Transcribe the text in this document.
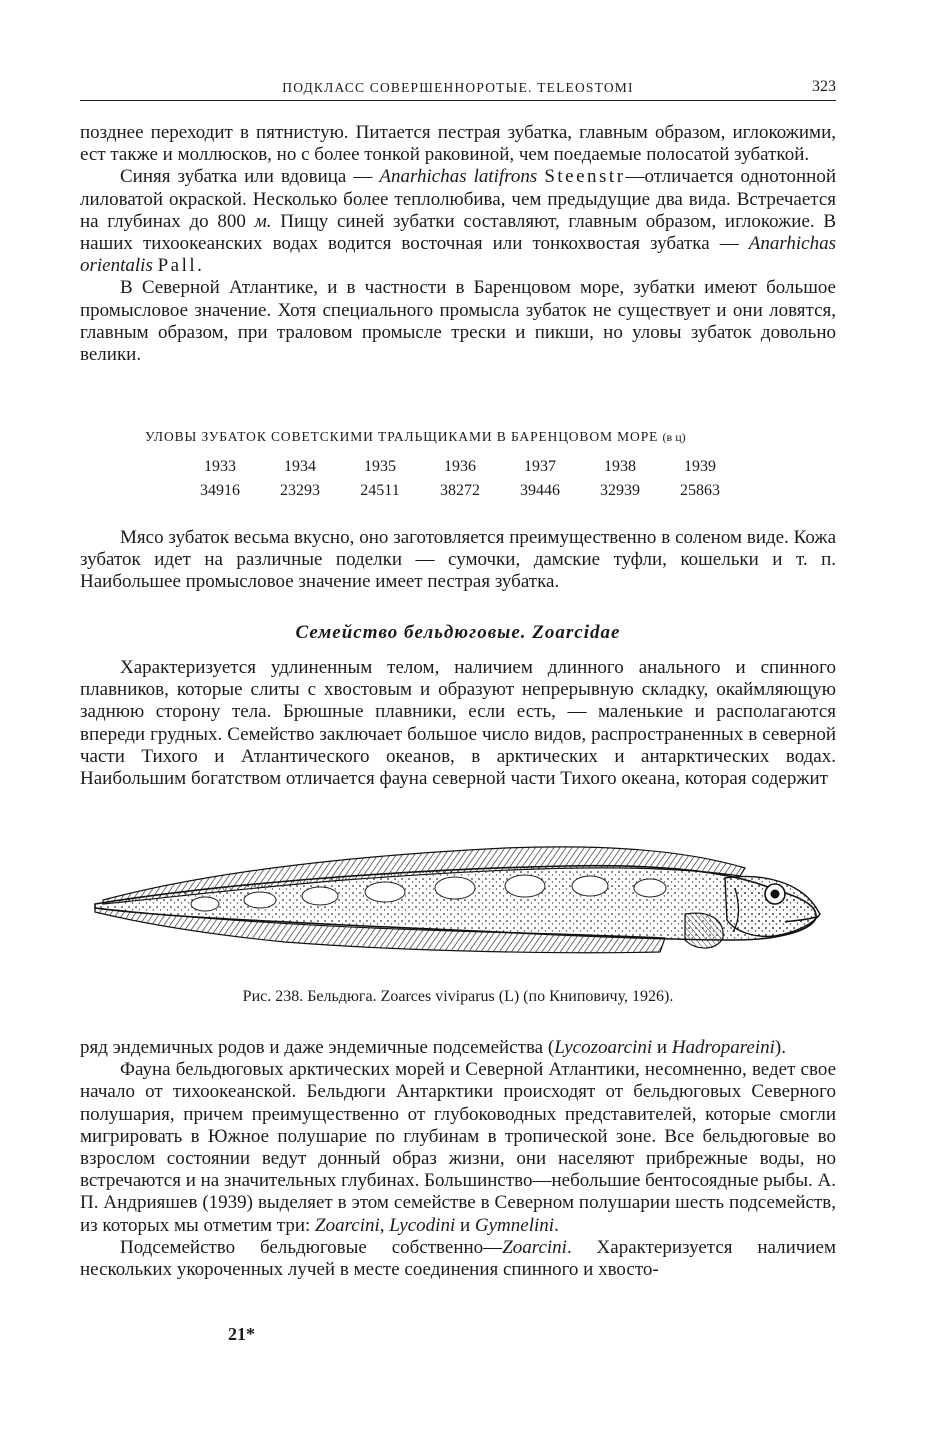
ПОДКЛАСС СОВЕРШЕННОРОТЫЕ. TELEOSTOMI	323

позднее переходит в пятнистую. Питается пестрая зубатка, главным образом, иглокожими, ест также и моллюсков, но с более тонкой раковиной, чем поедаемые полосатой зубаткой.

Синяя зубатка или вдовица — Anarhichas latifrons Steenstr—отличается однотонной лиловатой окраской. Несколько более теплолюбива, чем предыдущие два вида. Встречается на глубинах до 800 м. Пищу синей зубатки составляют, главным образом, иглокожие. В наших тихоокеанских водах водится восточная или тонкохвостая зубатка — Anarhichas orientalis Pall.

В Северной Атлантике, и в частности в Баренцовом море, зубатки имеют большое промысловое значение. Хотя специального промысла зубаток не существует и они ловятся, главным образом, при траловом промысле трески и пикши, но уловы зубаток довольно велики.

УЛОВЫ ЗУБАТОК СОВЕТСКИМИ ТРАЛЬЩИКАМИ В БАРЕНЦОВОМ МОРЕ (в ц)
1933	1934	1935	1936	1937	1938	1939
34916	23293	24511	38272	39446	32939	25863

Мясо зубаток весьма вкусно, оно заготовляется преимущественно в соленом виде. Кожа зубаток идет на различные поделки — сумочки, дамские туфли, кошельки и т. п. Наибольшее промысловое значение имеет пестрая зубатка.

Семейство бельдюговые. Zoarcidae

Характеризуется удлиненным телом, наличием длинного анального и спинного плавников, которые слиты с хвостовым и образуют непрерывную складку, окаймляющую заднюю сторону тела. Брюшные плавники, если есть, — маленькие и располагаются впереди грудных. Семейство заключает большое число видов, распространенных в северной части Тихого и Атлантического океанов, в арктических и антарктических водах. Наибольшим богатством отличается фауна северной части Тихого океана, которая содержит

Рис. 238. Бельдюга. Zoarces viviparus (L) (по Книповичу, 1926).

ряд эндемичных родов и даже эндемичные подсемейства (Lycozoarcini и Hadropareini).

Фауна бельдюговых арктических морей и Северной Атлантики, несомненно, ведет свое начало от тихоокеанской. Бельдюги Антарктики происходят от бельдюговых Северного полушария, причем преимущественно от глубоководных представителей, которые смогли мигрировать в Южное полушарие по глубинам в тропической зоне. Все бельдюговые во взрослом состоянии ведут донный образ жизни, они населяют прибрежные воды, но встречаются и на значительных глубинах. Большинство—небольшие бентосоядные рыбы. А. П. Андрияшев (1939) выделяет в этом семействе в Северном полушарии шесть подсемейств, из которых мы отметим три: Zoarcini, Lycodini и Gymnelini.

Подсемейство бельдюговые собственно—Zoarcini. Характеризуется наличием нескольких укороченных лучей в месте соединения спинного и хвосто-

21*
